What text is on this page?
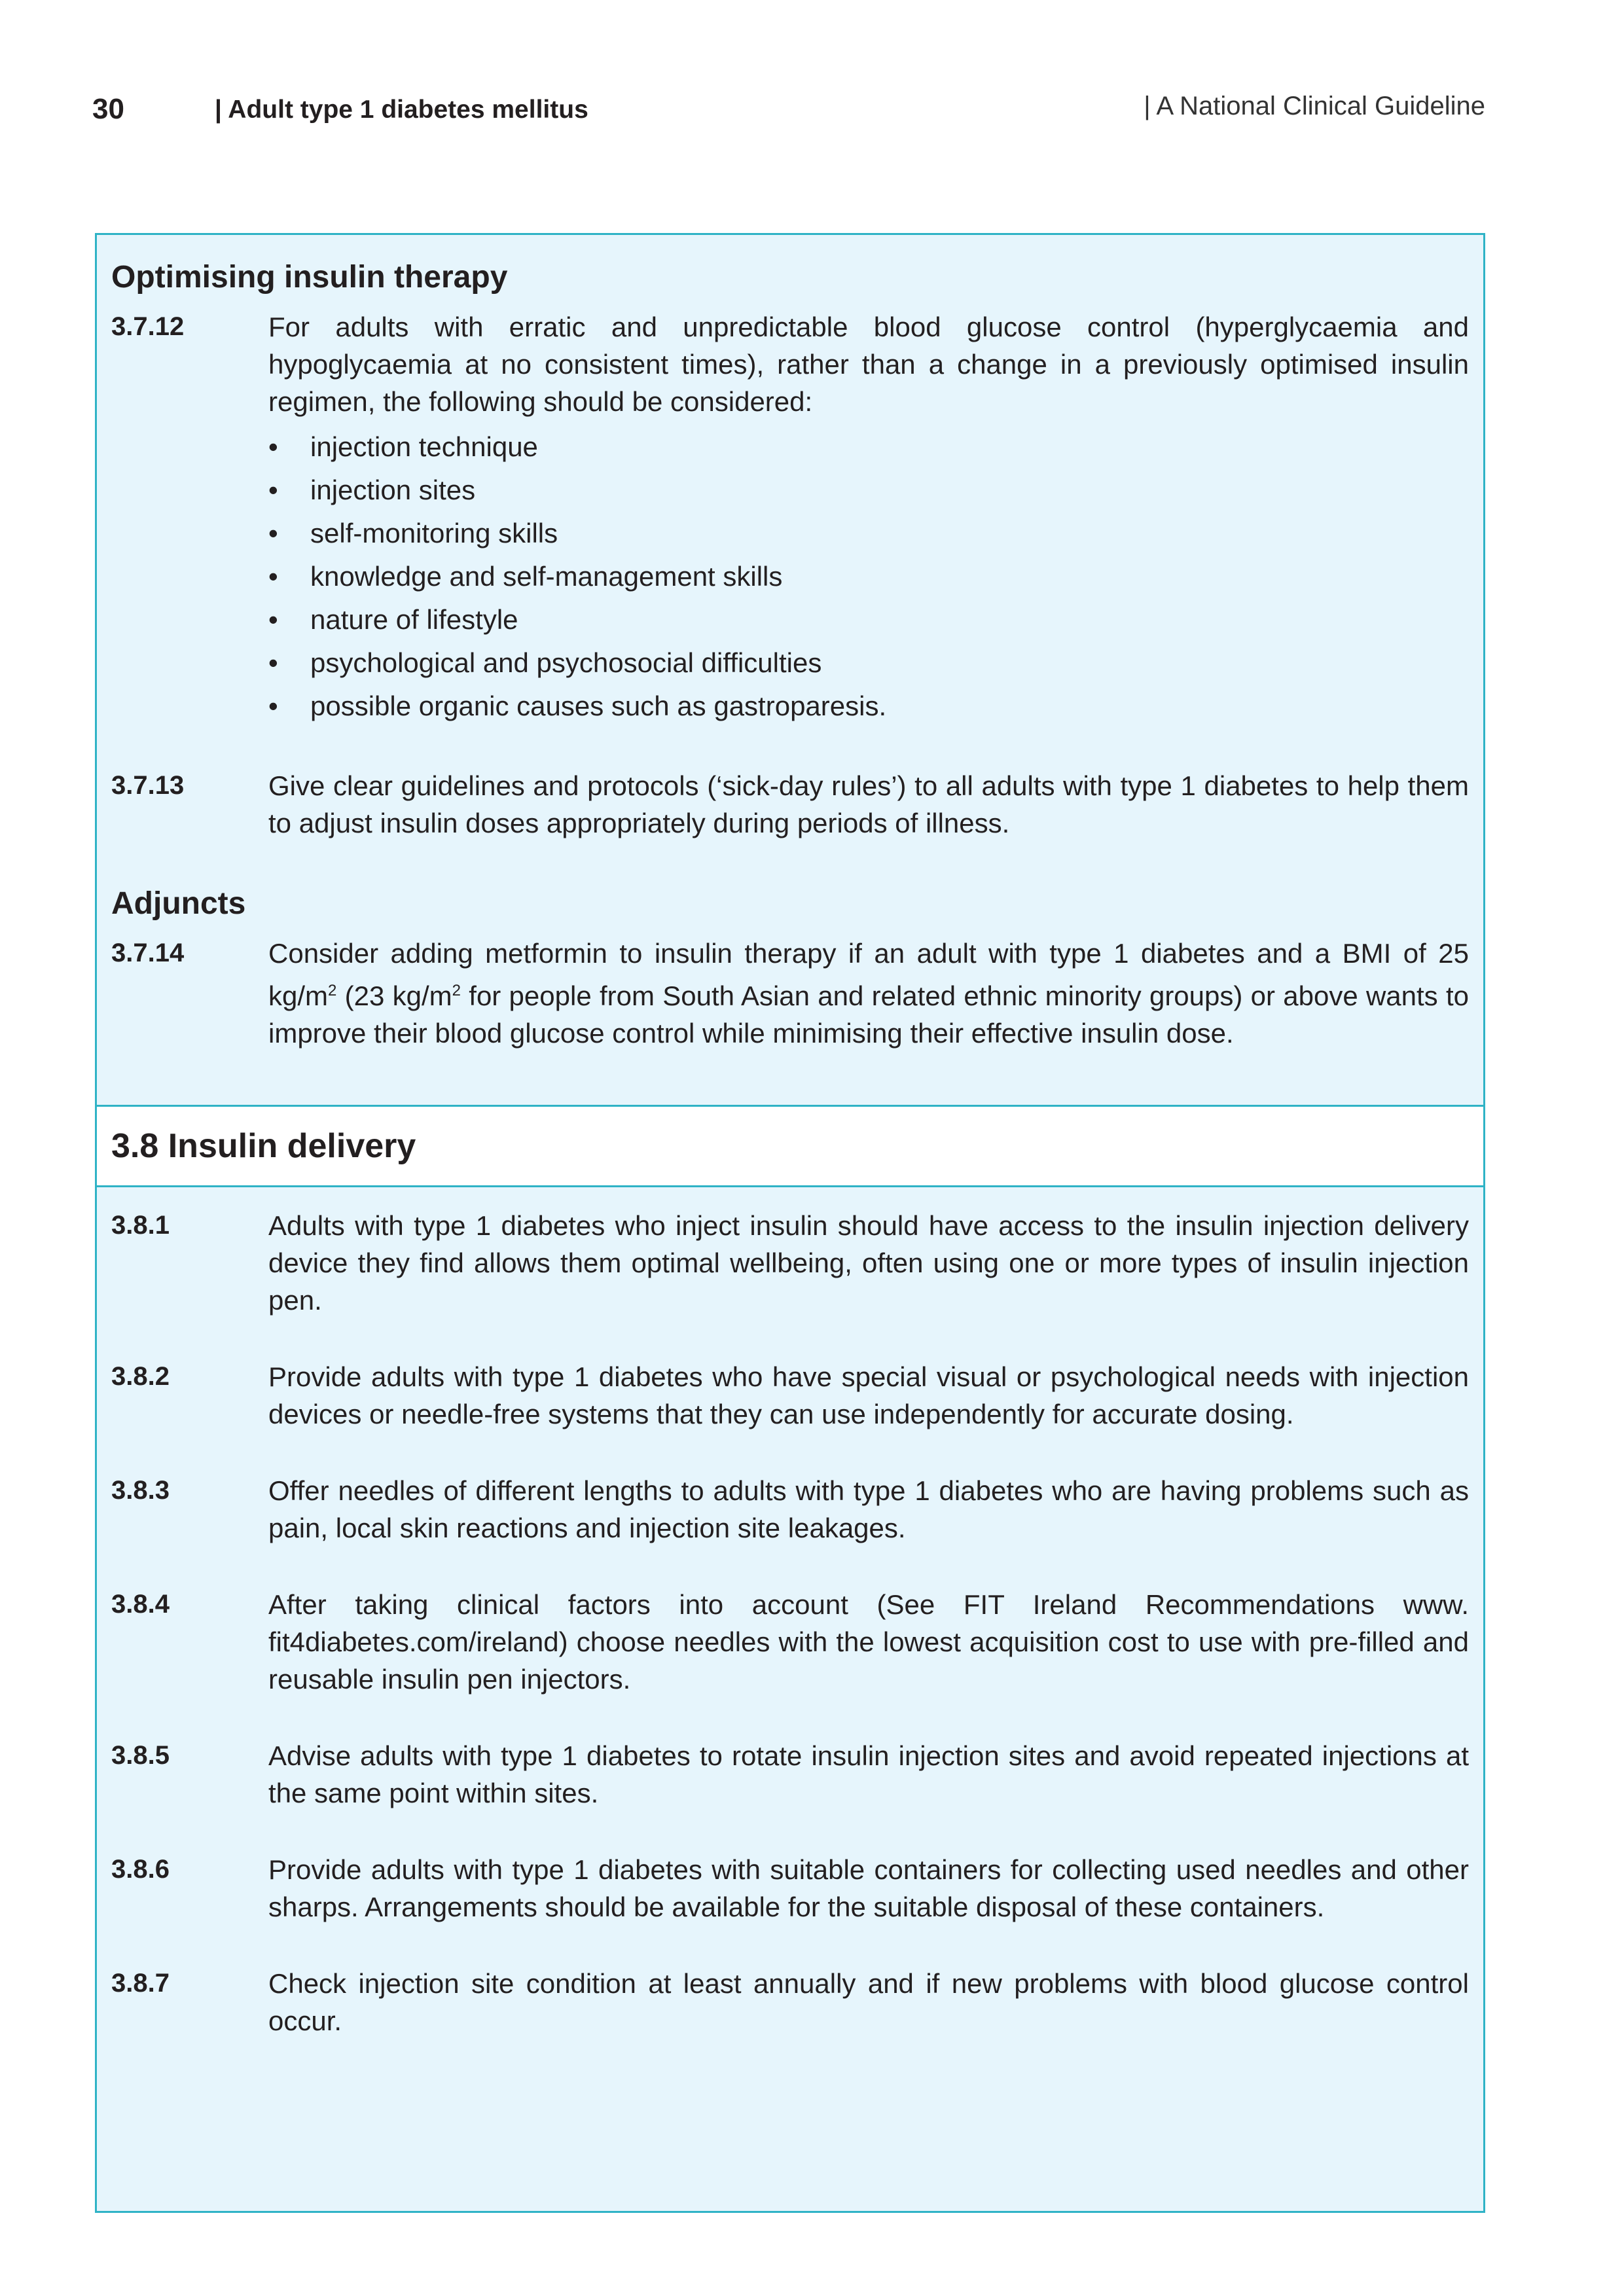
30	| Adult type 1 diabetes mellitus	| A National Clinical Guideline
Optimising insulin therapy
3.7.12	For adults with erratic and unpredictable blood glucose control (hyperglycaemia and hypoglycaemia at no consistent times), rather than a change in a previously optimised insulin regimen, the following should be considered:
•	injection technique
•	injection sites
•	self-monitoring skills
•	knowledge and self-management skills
•	nature of lifestyle
•	psychological and psychosocial difficulties
•	possible organic causes such as gastroparesis.
3.7.13	Give clear guidelines and protocols (‘sick-day rules’) to all adults with type 1 diabetes to help them to adjust insulin doses appropriately during periods of illness.
Adjuncts
3.7.14	Consider adding metformin to insulin therapy if an adult with type 1 diabetes and a BMI of 25 $kg/m^2$ (23 $kg/m^2$ for people from South Asian and related ethnic minority groups) or above wants to improve their blood glucose control while minimising their effective insulin dose.
3.8 Insulin delivery
3.8.1	Adults with type 1 diabetes who inject insulin should have access to the insulin injection delivery device they find allows them optimal wellbeing, often using one or more types of insulin injection pen.
3.8.2	Provide adults with type 1 diabetes who have special visual or psychological needs with injection devices or needle-free systems that they can use independently for accurate dosing.
3.8.3	Offer needles of different lengths to adults with type 1 diabetes who are having problems such as pain, local skin reactions and injection site leakages.
3.8.4	After taking clinical factors into account (See FIT Ireland Recommendations www. fit4diabetes.com/ireland) choose needles with the lowest acquisition cost to use with pre-filled and reusable insulin pen injectors.
3.8.5	Advise adults with type 1 diabetes to rotate insulin injection sites and avoid repeated injections at the same point within sites.
3.8.6	Provide adults with type 1 diabetes with suitable containers for collecting used needles and other sharps. Arrangements should be available for the suitable disposal of these containers.
3.8.7	Check injection site condition at least annually and if new problems with blood glucose control occur.
